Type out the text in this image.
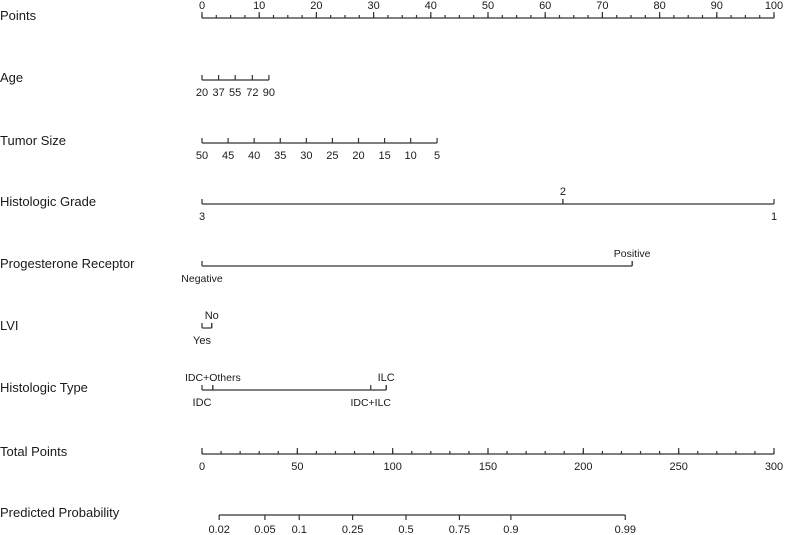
Points
Age
Tumor Size
Histologic Grade
Progesterone Receptor
LVI
Histologic Type
Total Points
Predicted Probability
0	10	20	30	40	50	60	70	80	90	100
20 37 55 72 90
50 45 40 35 30 25 20 15 10 5
3
2
1
Negative
Positive
Yes
No
IDC
IDC+Others
IDC+ILC
ILC
0	50	100	150	200	250	300
0.02 0.05 0.1	0.25	0.5	0.75	0.9	0.99
